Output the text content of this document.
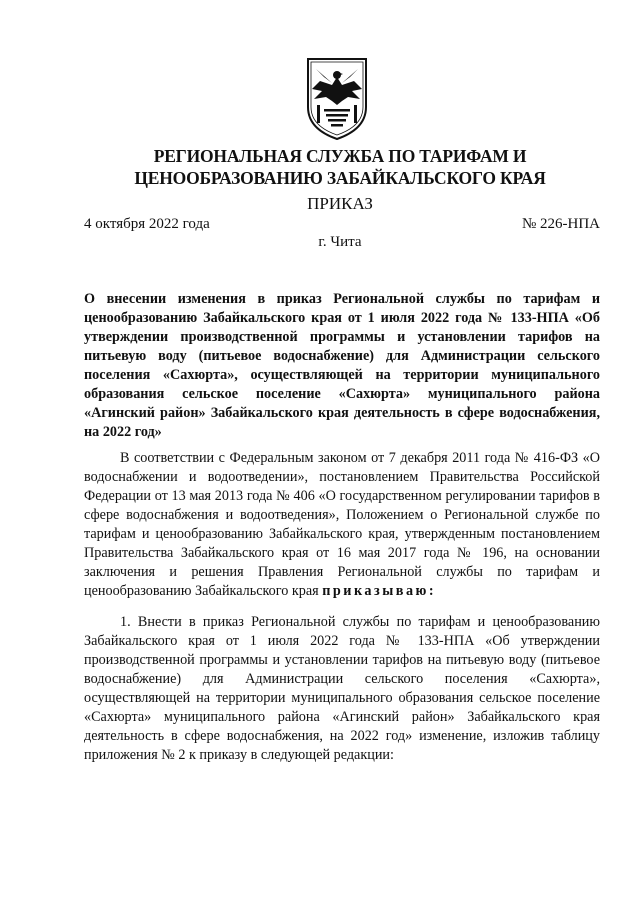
РЕГИОНАЛЬНАЯ СЛУЖБА ПО ТАРИФАМ И
ЦЕНООБРАЗОВАНИЮ ЗАБАЙКАЛЬСКОГО КРАЯ
ПРИКАЗ
4 октября 2022 года	№ 226-НПА
г. Чита
О внесении изменения в приказ Региональной службы по тарифам и ценообразованию Забайкальского края от 1 июля 2022 года № 133-НПА «Об утверждении производственной программы и установлении тарифов на питьевую воду (питьевое водоснабжение) для Администрации сельского поселения «Сахюрта», осуществляющей на территории муниципального образования сельское поселение «Сахюрта» муниципального района «Агинский район» Забайкальского края деятельность в сфере водоснабжения, на 2022 год»
В соответствии с Федеральным законом от 7 декабря 2011 года № 416-ФЗ «О водоснабжении и водоотведении», постановлением Правительства Российской Федерации от 13 мая 2013 года № 406 «О государственном регулировании тарифов в сфере водоснабжения и водоотведения», Положением о Региональной службе по тарифам и ценообразованию Забайкальского края, утвержденным постановлением Правительства Забайкальского края от 16 мая 2017 года № 196, на основании заключения и решения Правления Региональной службы по тарифам и ценообразованию Забайкальского края приказываю:
1. Внести в приказ Региональной службы по тарифам и ценообразованию Забайкальского края от 1 июля 2022 года № 133-НПА «Об утверждении производственной программы и установлении тарифов на питьевую воду (питьевое водоснабжение) для Администрации сельского поселения «Сахюрта», осуществляющей на территории муниципального образования сельское поселение «Сахюрта» муниципального района «Агинский район» Забайкальского края деятельность в сфере водоснабжения, на 2022 год» изменение, изложив таблицу приложения № 2 к приказу в следующей редакции:
